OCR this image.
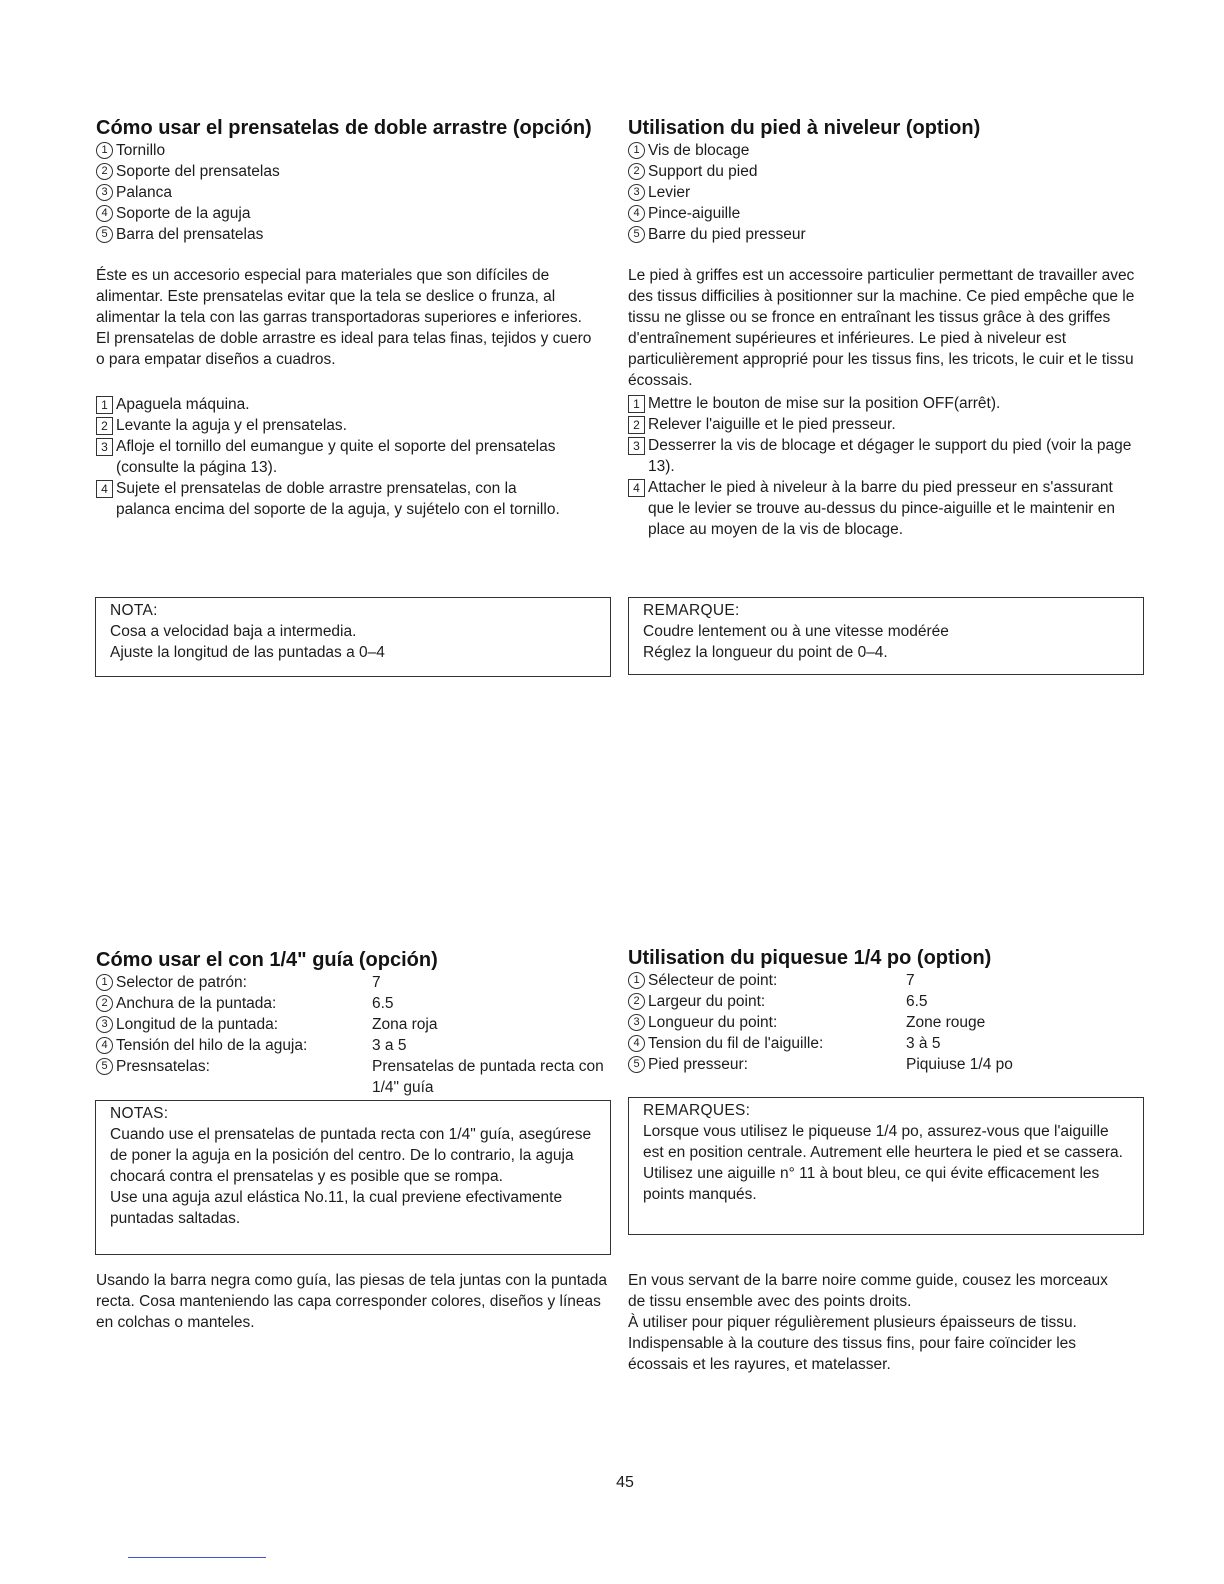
Cómo usar el prensatelas de doble arrastre (opción)
1 Tornillo
2 Soporte del prensatelas
3 Palanca
4 Soporte de la aguja
5 Barra del prensatelas

Éste es un accesorio especial para materiales que son difíciles de alimentar. Este prensatelas evitar que la tela se deslice o frunza, al alimentar la tela con las garras transportadoras superiores e inferiores. El prensatelas de doble arrastre es ideal para telas finas, tejidos y cuero o para empatar diseños a cuadros.

1 Apaguela máquina.
2 Levante la aguja y el prensatelas.
3 Afloje el tornillo del eumangue y quite el soporte del prensatelas (consulte la página 13).
4 Sujete el prensatelas de doble arrastre prensatelas, con la palanca encima del soporte de la aguja, y sujételo con el tornillo.
NOTA:
Cosa a velocidad baja a intermedia.
Ajuste la longitud de las puntadas a 0–4
Utilisation du pied à niveleur (option)
1 Vis de blocage
2 Support du pied
3 Levier
4 Pince-aiguille
5 Barre du pied presseur

Le pied à griffes est un accessoire particulier permettant de travailler avec des tissus difficilies à positionner sur la machine. Ce pied empêche que le tissu ne glisse ou se fronce en entraînant les tissus grâce à des griffes d'entraînement supérieures et inférieures. Le pied à niveleur est particulièrement approprié pour les tissus fins, les tricots, le cuir et le tissu écossais.

1 Mettre le bouton de mise sur la position OFF(arrêt).
2 Relever l'aiguille et le pied presseur.
3 Desserrer la vis de blocage et dégager le support du pied (voir la page 13).
4 Attacher le pied à niveleur à la barre du pied presseur en s'assurant que le levier se trouve au-dessus du pince-aiguille et le maintenir en place au moyen de la vis de blocage.
REMARQUE:
Coudre lentement ou à une vitesse modérée
Réglez la longueur du point de 0–4.
Cómo usar el con 1/4" guía (opción)
1 Selector de patrón:	7

2 Anchura de la puntada:	6.5

3 Longitud de la puntada:	Zona roja

4 Tensión del hilo de la aguja:	3 a 5

5 Presnsatelas:	Prensatelas de puntada recta con 1/4" guía
NOTAS:
Cuando use el prensatelas de puntada recta con 1/4" guía, asegúrese de poner la aguja en la posición del centro. De lo contrario, la aguja chocará contra el prensatelas y es posible que se rompa.
Use una aguja azul elástica No.11, la cual previene efectivamente puntadas saltadas.

Usando la barra negra como guía, las piesas de tela juntas con la puntada recta. Cosa manteniendo las capa corresponder colores, diseños y líneas en colchas o manteles.

Utilisation du piquesue 1/4 po (option)
1 Sélecteur de point:	7

2 Largeur du point:	6.5

3 Longueur du point:	Zone rouge

4 Tension du fil de l'aiguille:	3 à 5

5 Pied presseur:	Piquiuse 1/4 po
REMARQUES:
Lorsque vous utilisez le piqueuse 1/4 po, assurez-vous que l'aiguille est en position centrale. Autrement elle heurtera le pied et se cassera.
Utilisez une aiguille n° 11 à bout bleu, ce qui évite efficacement les points manqués.

En vous servant de la barre noire comme guide, cousez les morceaux de tissu ensemble avec des points droits.

À utiliser pour piquer régulièrement plusieurs épaisseurs de tissu. Indispensable à la couture des tissus fins, pour faire coïncider les écossais et les rayures, et matelasser.

45
